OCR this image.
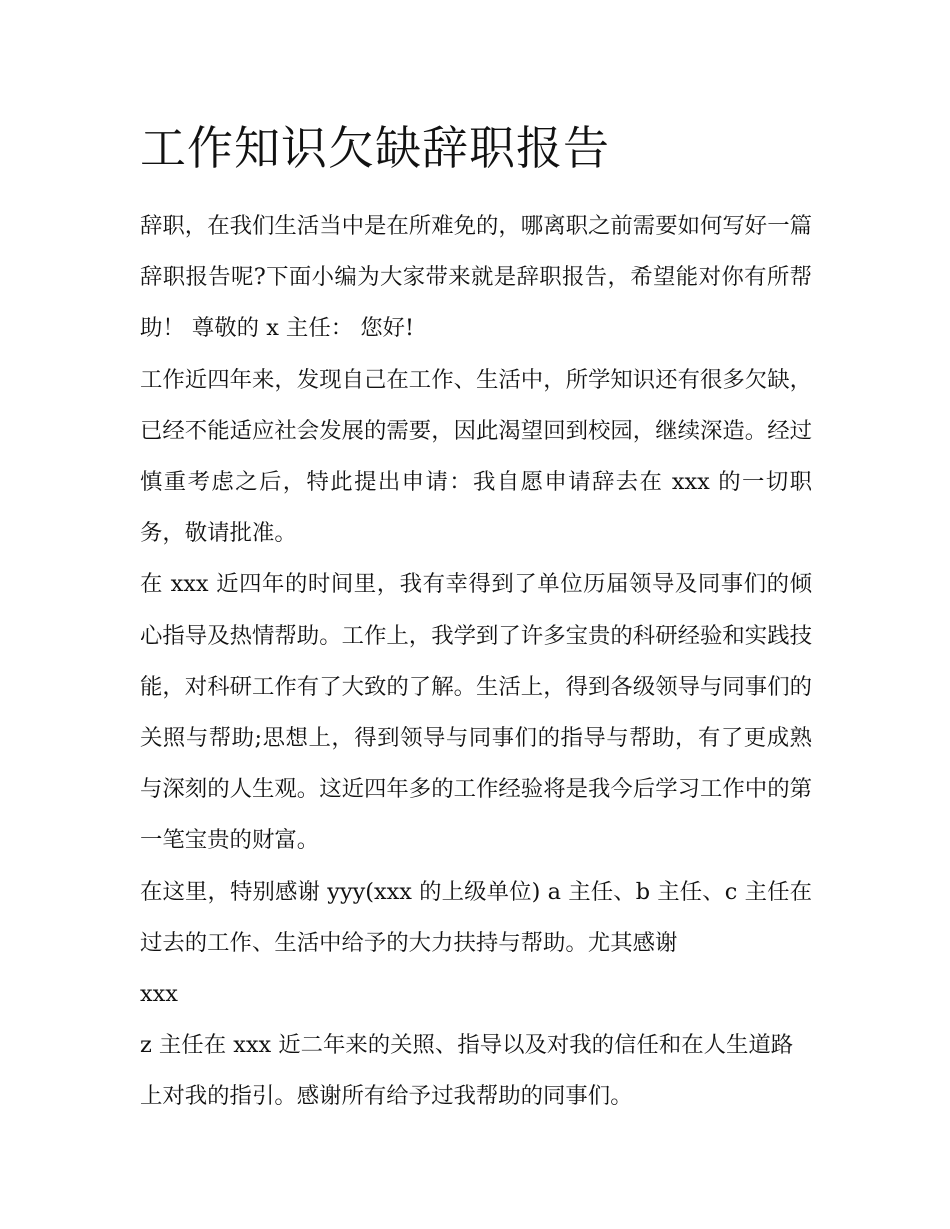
工作知识欠缺辞职报告

辞职，在我们生活当中是在所难免的，哪离职之前需要如何写好一篇辞职报告呢?下面小编为大家带来就是辞职报告，希望能对你有所帮助！ 尊敬的 x 主任： 您好!

工作近四年来，发现自己在工作、生活中，所学知识还有很多欠缺，已经不能适应社会发展的需要，因此渴望回到校园，继续深造。经过慎重考虑之后，特此提出申请：我自愿申请辞去在 xxx 的一切职务，敬请批准。

在 xxx 近四年的时间里，我有幸得到了单位历届领导及同事们的倾心指导及热情帮助。工作上，我学到了许多宝贵的科研经验和实践技能，对科研工作有了大致的了解。生活上，得到各级领导与同事们的关照与帮助;思想上，得到领导与同事们的指导与帮助，有了更成熟与深刻的人生观。这近四年多的工作经验将是我今后学习工作中的第一笔宝贵的财富。

在这里，特别感谢 yyy(xxx 的上级单位) a 主任、b 主任、c 主任在过去的工作、生活中给予的大力扶持与帮助。尤其感谢

xxx

z 主任在 xxx 近二年来的关照、指导以及对我的信任和在人生道路上对我的指引。感谢所有给予过我帮助的同事们。
